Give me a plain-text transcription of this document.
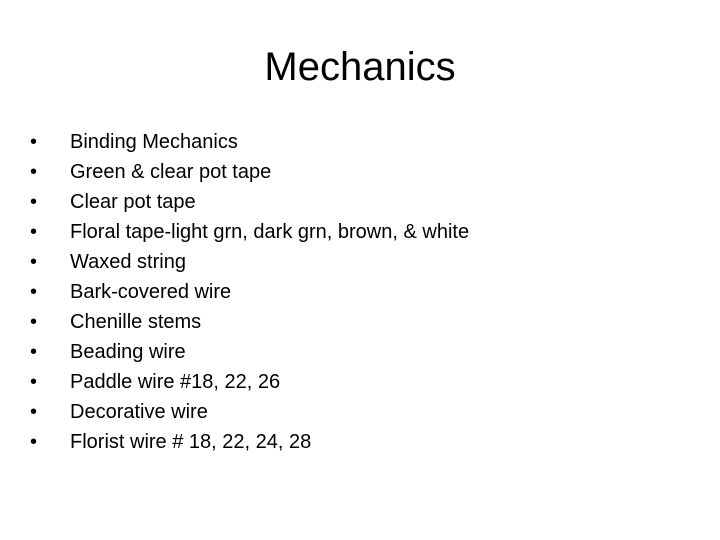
Mechanics
•	Binding Mechanics
•	Green & clear pot tape
•	Clear pot tape
•	Floral tape-light grn, dark grn, brown, & white
•	Waxed string
•	Bark-covered wire
•	Chenille stems
•	Beading wire
•	Paddle wire #18, 22, 26
•	Decorative wire
•	Florist wire # 18, 22, 24, 28
